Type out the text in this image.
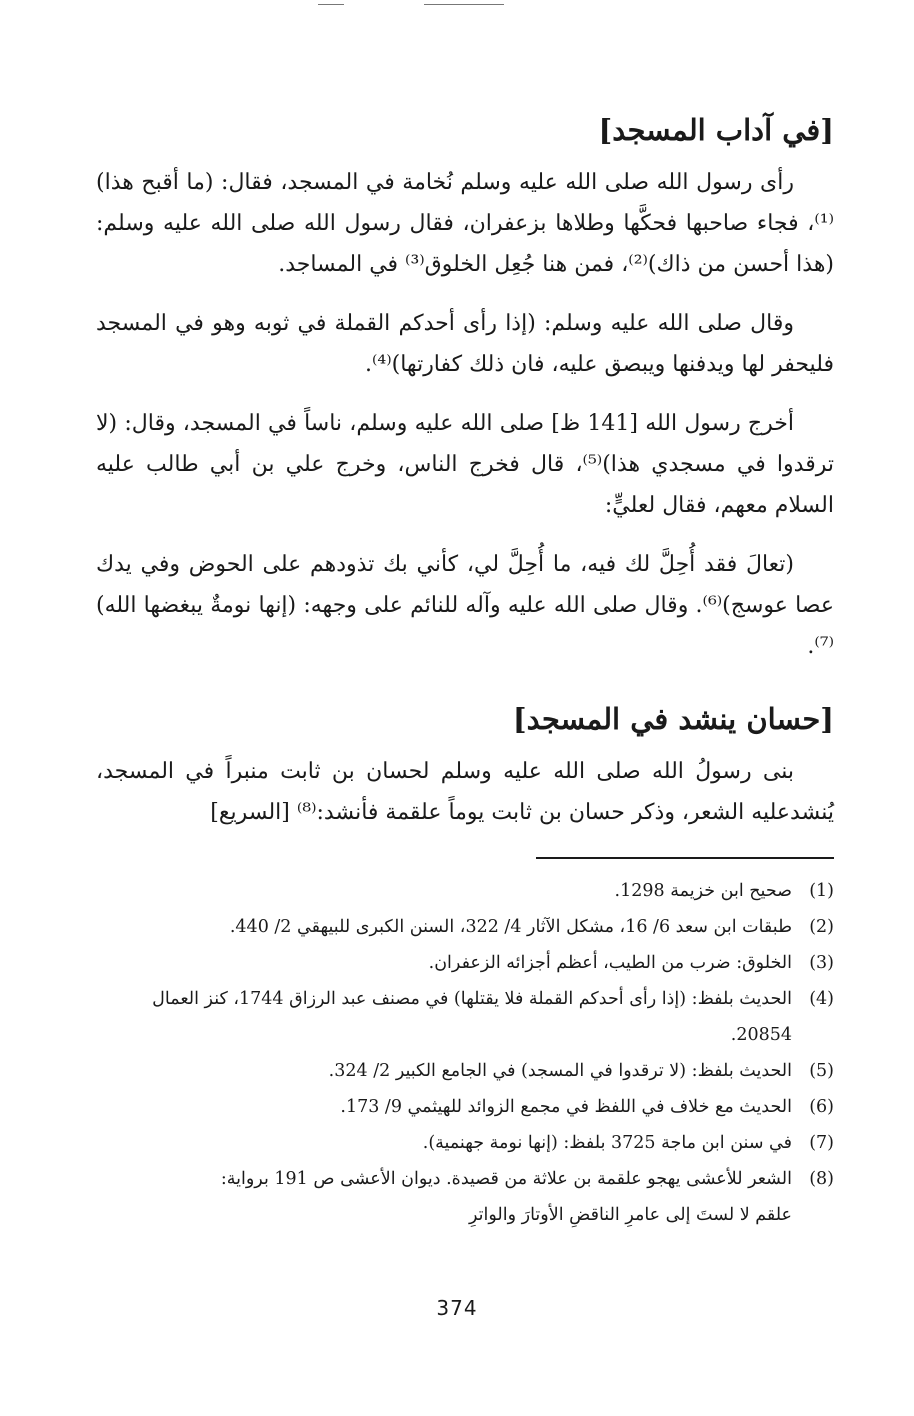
[في آداب المسجد]

رأى رسول الله صلى الله عليه وسلم نُخامة في المسجد، فقال: (ما أقبح هذا)⁽¹⁾، فجاء صاحبها فحكَّها وطلاها بزعفران، فقال رسول الله صلى الله عليه وسلم: (هذا أحسن من ذاك)⁽²⁾، فمن هنا جُعِل الخلوق⁽³⁾ في المساجد.

وقال صلى الله عليه وسلم: (إذا رأى أحدكم القملة في ثوبه وهو في المسجد فليحفر لها ويدفنها ويبصق عليه، فان ذلك كفارتها)⁽⁴⁾.

أخرج رسول الله [141 ظ] صلى الله عليه وسلم، ناساً في المسجد، وقال: (لا ترقدوا في مسجدي هذا)⁽⁵⁾، قال فخرج الناس، وخرج علي بن أبي طالب عليه السلام معهم، فقال لعليٍّ:

(تعالَ فقد أُحِلَّ لك فيه، ما أُحِلَّ لي، كأني بك تذودهم على الحوض وفي يدك عصا عوسج)⁽⁶⁾. وقال صلى الله عليه وآله للنائم على وجهه: (إنها نومةٌ يبغضها الله)⁽⁷⁾.

[حسان ينشد في المسجد]

بنى رسولُ الله صلى الله عليه وسلم لحسان بن ثابت منبراً في المسجد، يُنشدعليه الشعر، وذكر حسان بن ثابت يوماً علقمة فأنشد:⁽⁸⁾ [السريع]

(1)
صحيح ابن خزيمة 1298.
(2)
طبقات ابن سعد 6/ 16، مشكل الآثار 4/ 322، السنن الكبرى للبيهقي 2/ 440.
(3)
الخلوق: ضرب من الطيب، أعظم أجزائه الزعفران.
(4)
الحديث بلفظ: (إذا رأى أحدكم القملة فلا يقتلها) في مصنف عبد الرزاق 1744، كنز العمال 20854.
(5)
الحديث بلفظ: (لا ترقدوا في المسجد) في الجامع الكبير 2/ 324.
(6)
الحديث مع خلاف في اللفظ في مجمع الزوائد للهيثمي 9/ 173.
(7)
في سنن ابن ماجة 3725 بلفظ: (إنها نومة جهنمية).
(8)
الشعر للأعشى يهجو علقمة بن علاثة من قصيدة. ديوان الأعشى ص 191 برواية:
علقم لا لستَ إلى عامرِ الناقضِ الأوتارَ والواترِ
374
